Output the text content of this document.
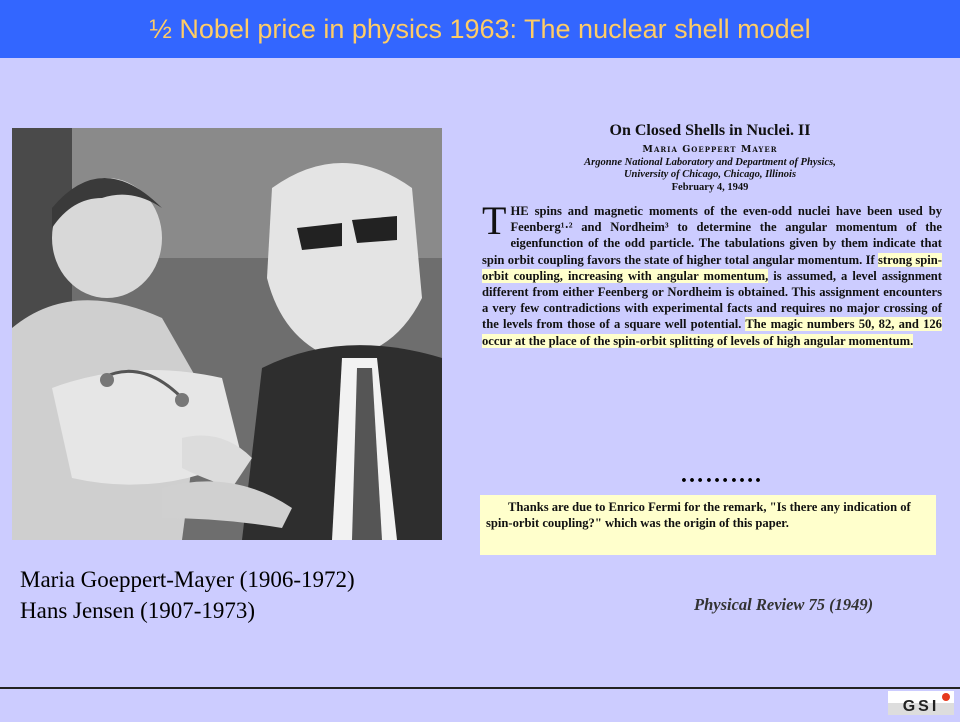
½ Nobel price in physics 1963: The nuclear shell model
Maria Goeppert-Mayer (1906-1972)
Hans Jensen (1907-1973)
On Closed Shells in Nuclei. II
Maria Goeppert Mayer
Argonne National Laboratory and Department of Physics,
University of Chicago, Chicago, Illinois
February 4, 1949
THE spins and magnetic moments of the even-odd nuclei have been used by Feenberg¹·² and Nordheim³ to determine the angular momentum of the eigenfunction of the odd particle. The tabulations given by them indicate that spin orbit coupling favors the state of higher total angular momentum. If strong spin-orbit coupling, increasing with angular momentum, is assumed, a level assignment different from either Feenberg or Nordheim is obtained. This assignment encounters a very few contradictions with experimental facts and requires no major crossing of the levels from those of a square well potential. The magic numbers 50, 82, and 126 occur at the place of the spin-orbit splitting of levels of high angular momentum.
……….
Thanks are due to Enrico Fermi for the remark, "Is there any indication of spin-orbit coupling?" which was the origin of this paper.
Physical Review 75 (1949)
GSI
